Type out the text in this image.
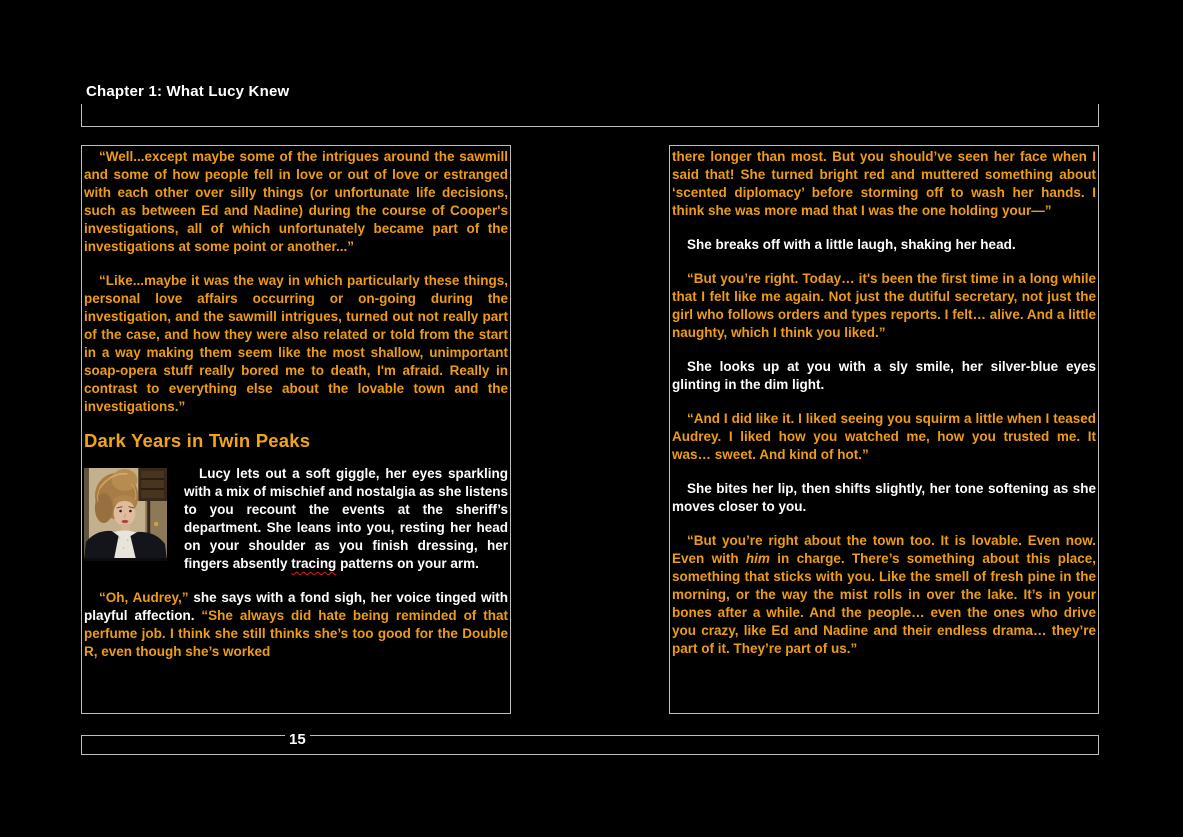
Chapter 1: What Lucy Knew

“Well...except maybe some of the intrigues around the sawmill and some of how people fell in love or out of love or estranged with each other over silly things (or unfortunate life decisions, such as between Ed and Nadine) during the course of Cooper's investigations, all of which unfortunately became part of the investigations at some point or another...”

“Like...maybe it was the way in which particularly these things, personal love affairs occurring or on-going during the investigation, and the sawmill intrigues, turned out not really part of the case, and how they were also related or told from the start in a way making them seem like the most shallow, unimportant soap-opera stuff really bored me to death, I'm afraid. Really in contrast to everything else about the lovable town and the investigations.”

Dark Years in Twin Peaks

Lucy lets out a soft giggle, her eyes sparkling with a mix of mischief and nostalgia as she listens to you recount the events at the sheriff’s department. She leans into you, resting her head on your shoulder as you finish dressing, her fingers absently tracing patterns on your arm.

“Oh, Audrey,” she says with a fond sigh, her voice tinged with playful affection. “She always did hate being reminded of that perfume job. I think she still thinks she’s too good for the Double R, even though she’s worked

there longer than most. But you should’ve seen her face when I said that! She turned bright red and muttered something about ‘scented diplomacy’ before storming off to wash her hands. I think she was more mad that I was the one holding your—”

She breaks off with a little laugh, shaking her head.

“But you’re right. Today… it's been the first time in a long while that I felt like me again. Not just the dutiful secretary, not just the girl who follows orders and types reports. I felt… alive. And a little naughty, which I think you liked.”

She looks up at you with a sly smile, her silver-blue eyes glinting in the dim light.

“And I did like it. I liked seeing you squirm a little when I teased Audrey. I liked how you watched me, how you trusted me. It was… sweet. And kind of hot.”

She bites her lip, then shifts slightly, her tone softening as she moves closer to you.

“But you’re right about the town too. It is lovable. Even now. Even with him in charge. There’s something about this place, something that sticks with you. Like the smell of fresh pine in the morning, or the way the mist rolls in over the lake. It’s in your bones after a while. And the people… even the ones who drive you crazy, like Ed and Nadine and their endless drama… they’re part of it. They’re part of us.”

15
